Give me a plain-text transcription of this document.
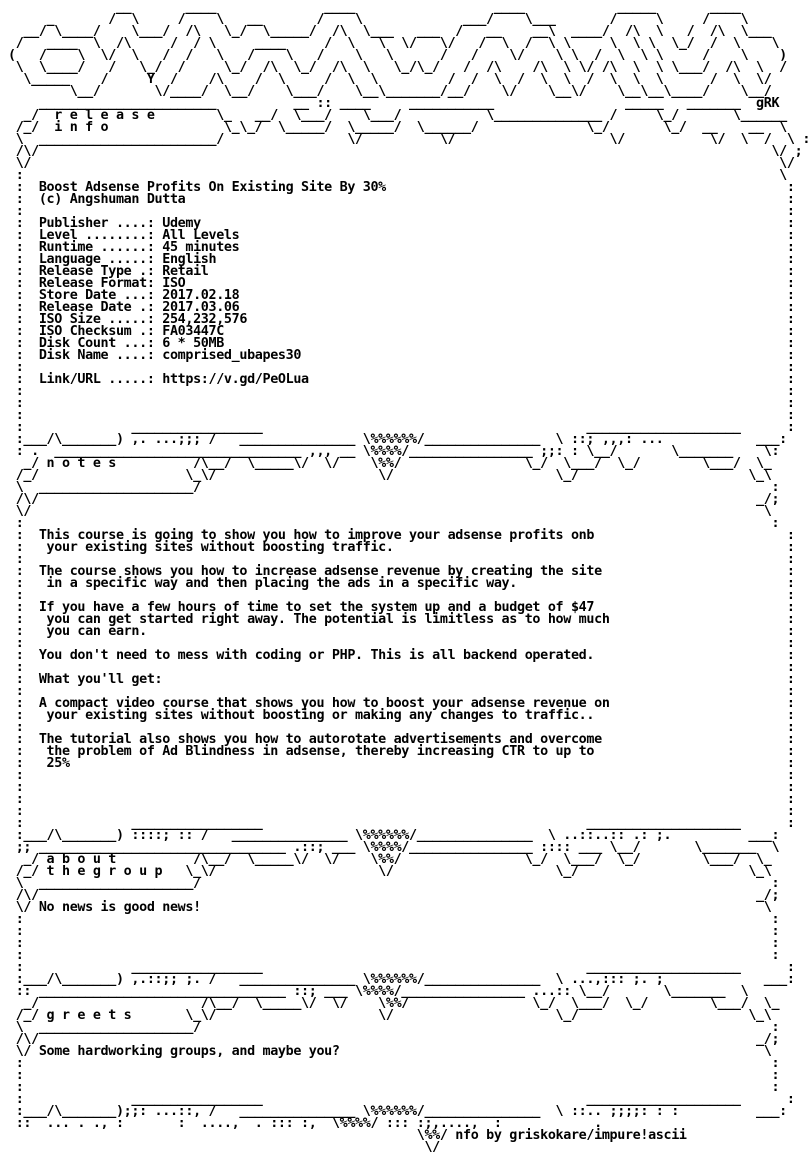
__       ____              ____                  ____            _____       ____
_       /  \     /    \   __       /    \             ___/    \___       /     \     /    \
__/ \____/    \___/  /\   \_/  \_____/  /\  \___   ___  /   __    __\  ____/  /\  \   /  /\  \___
/   ____  \  /\     /  / \     ____     /  \   \  \/   \/   /  \  /  \ \     \  \ \  \_/  /  \    \
(   /    \  \/  \   /  /   \   /    \   /    \   \      /   /    \/    \ \  /  \  \ \     /    \    )
\  \____/   /   \_/  /     \_/  /\  \_/  /\  \   \_/\_/   /  /\    /\  \ \/ /\  \  \ \___/  /\  \  /
\_____    /     Y  /    /\    /  \     /  \  \         /  /  \  /  \  \  /  \  \  \      /  \  \/
\__/       \/____/  \__/    \___/    \__\_______/__/    \/    \__\/    \__\__\____/    \__/
_______________________          __ :: ____     ___________                 _____   _______  gRK
_/  r e l e a s e        \_   __/  \___/    \___/           \______________ /     \_/       \______
/_/  i n f o               \_\_/  \_____/  \_____/  \______/              \_/       \_/  __    __  \
\  _______________________/                \/          \/                    \/           \/  \  /  \ :
/\/                                                                                               \/ ;
\/                                                                                                 \/
:                                                                                                  \
:  Boost Adsense Profits On Existing Site By 30%                                                    :
:  (c) Angshuman Dutta                                                                              :
:                                                                                                   :
:  Publisher ....: Udemy                                                                            :
:  Level ........: All Levels                                                                       :
:  Runtime ......: 45 minutes                                                                       :
:  Language .....: English                                                                          :
:  Release Type .: Retail                                                                           :
:  Release Format: ISO                                                                              :
:  Store Date ...: 2017.02.18                                                                       :
:  Release Date .: 2017.03.06                                                                       :
:  ISO Size .....: 254,232,576                                                                      :
:  ISO Checksum .: FA03447C                                                                         :
:  Disk Count ...: 6 * 50MB                                                                         :
:  Disk Name ....: comprised_ubapes30                                                               :
:                                                                                                   :
:  Link/URL .....: https://v.gd/PeOLua                                                              :
:                                                                                                   :
:                                                                                                   :
:                                                                                                   :
:              _________________                                          ____________________      :
:___/\_______) ,. ...;;; /   _______________ \%%%%%%/_______________  \ ::; ,,,: ...            ___:
: .  ________________________________ ,,, __ \%%%%/________________ ;;: : \__/       \_______    \:
_/ n o t e s          /\__/  \_____\/  \/    \%%/                \_/  \___/  \_/        \___/  \_
/_/                   \_\/                     \/                     \_/                      \_\
\  ____________________/                                                                          :
/\/                                                                                             _/;
\/                                                                                               \
:                                                                                                 :
:  This course is going to show you how to improve your adsense profits onb                         :
:   your existing sites without boosting traffic.                                                   :
:                                                                                                   :
:  The course shows you how to increase adsense revenue by creating the site                        :
:   in a specific way and then placing the ads in a specific way.                                   :
:                                                                                                   :
:  If you have a few hours of time to set the system up and a budget of $47                         :
:   you can get started right away. The potential is limitless as to how much                       :
:   you can earn.                                                                                   :
:                                                                                                   :
:  You don't need to mess with coding or PHP. This is all backend operated.                         :
:                                                                                                   :
:  What you'll get:                                                                                 :
:                                                                                                   :
:  A compact video course that shows you how to boost your adsense revenue on                       :
:   your existing sites without boosting or making any changes to traffic..                         :
:                                                                                                   :
:  The tutorial also shows you how to autorotate advertisements and overcome                        :
:   the problem of Ad Blindness in adsense, thereby increasing CTR to up to                         :
:   25%                                                                                             :
:                                                                                                   :
:                                                                                                   :
:                                                                                                   :
:                                                                                                   :
:              _________________                                          ____________________      :
:___/\_______) ::::; :: /   _______________ \%%%%%%/_______________  \ ..::..:: .: ;.          ___:
;; ________________________________ .::; ___ \%%%%/________________ :::: ___ \__/       \_______  \
_/ a b o u t          /\__/  \_____\/  \/    \%%/                \_/  \___/  \_/        \___/  \_
/_/ t h e g r o u p   \_\/                     \/                     \_/                      \_\
\  ____________________/                                                                          :
/\/                                                                                             _/;
\/ No news is good news!                                                                         \
:                                                                                                 :
:                                                                                                 :
:                                                                                                 :
:                                                                                                 :
:              _________________                                          ____________________      :
:___/\_______) ,.::;; ;. /   _______________ \%%%%%%/_______________  \ ...,::: ;. ;             ___:
:: ________________________________ ::; ___ \%%%%/________________ ...:: \__/       \_______  \
_/                     /\__/  \_____\/  \/    \%%/                \_/  \___/  \_/        \___/  \_
/_/ g r e e t s       \_\/                     \/                     \_/                      \_\
\  ____________________/                                                                          :
/\/                                                                                             _/;
\/ Some hardworking groups, and maybe you?                                                       \
:                                                                                                 :
:                                                                                                 :
:                                                                                                 :
:              _________________                                          ____________________      :
:___/\_______);;: ...::, /   _______________ \%%%%%%/_______________  \ ::.. ;;;;: : :          ___:
::  ... . ., :       :  ....,  . ::: :,  \%%%%/ ::: :;,....,  :            .
\%%/ nfo by griskokare/impure!ascii
\/
